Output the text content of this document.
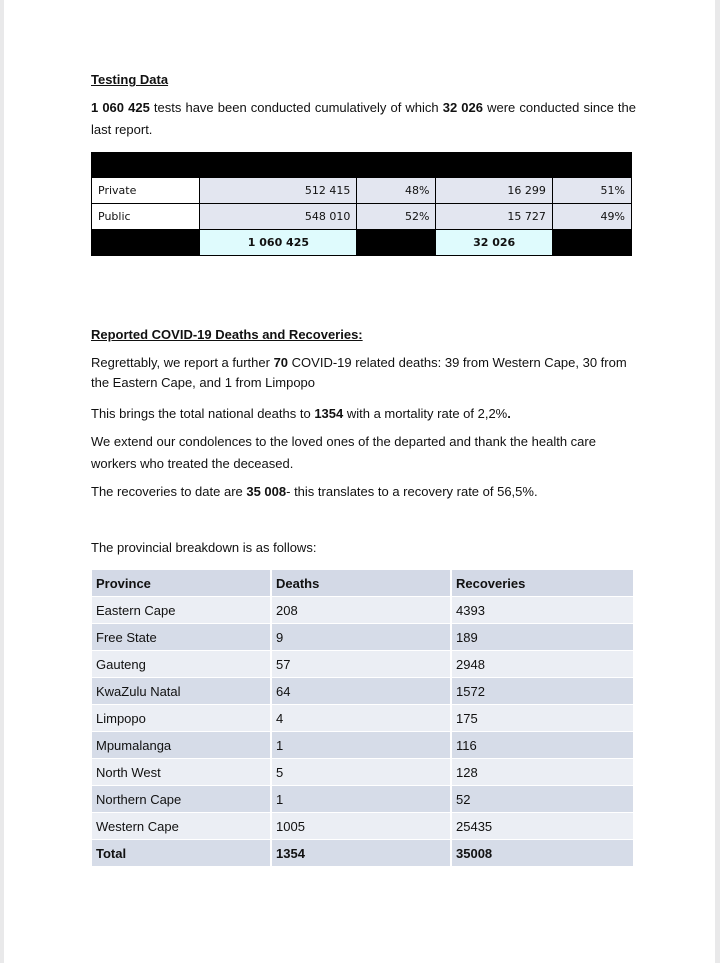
Testing Data
1 060 425 tests have been conducted cumulatively of which 32 026 were conducted since the last report.

Private	512 415	48%	16 299	51%
Public	548 010	52%	15 727	49%
	1 060 425		32 026	
Reported COVID-19 Deaths and Recoveries:
Regrettably, we report a further 70 COVID-19 related deaths: 39 from Western Cape, 30 from the Eastern Cape, and 1 from Limpopo
This brings the total national deaths to 1354 with a mortality rate of 2,2%.
We extend our condolences to the loved ones of the departed and thank the health care workers who treated the deceased.
The recoveries to date are 35 008- this translates to a recovery rate of 56,5%.
The provincial breakdown is as follows:
Province	Deaths	Recoveries
Eastern Cape	208	4393
Free State	9	189
Gauteng	57	2948
KwaZulu Natal	64	1572
Limpopo	4	175
Mpumalanga	1	116
North West	5	128
Northern Cape	1	52
Western Cape	1005	25435
Total	1354	35008
